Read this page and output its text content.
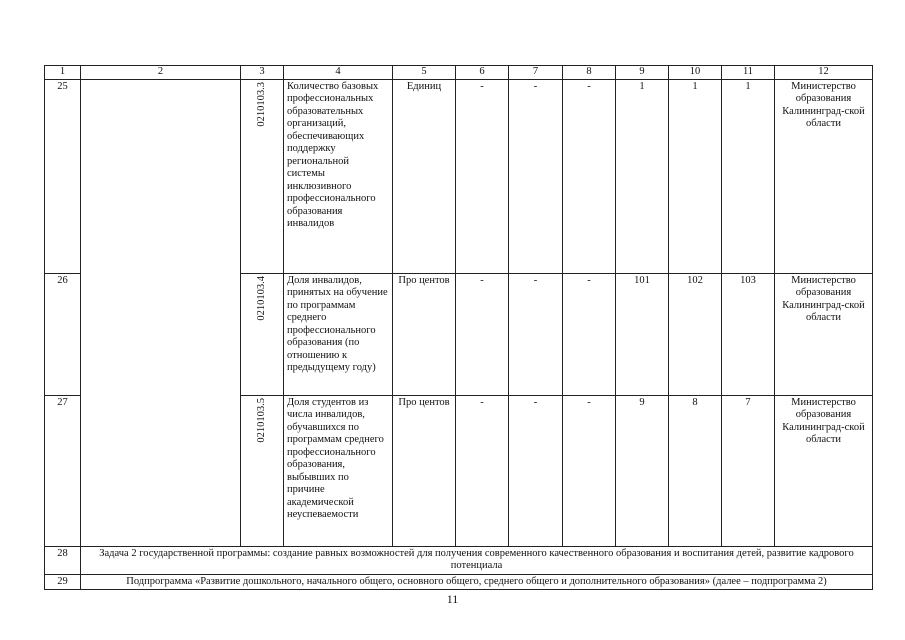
1	2	3	4	5	6	7	8	9	10	11	12
25		0210103.3	Количество базовых профессиональных образовательных организаций, обеспечивающих поддержку региональной системы инклюзивного профессионального образования инвалидов	Единиц	-	-	-	1	1	1	Министерство образования Калининград-ской области
26		0210103.4	Доля инвалидов, принятых на обучение по программам среднего профессионального образования (по отношению к предыдущему году)	Про центов	-	-	-	101	102	103	Министерство образования Калининград-ской области
27		0210103.5	Доля студентов из числа инвалидов, обучавшихся по программам среднего профессионального образования, выбывших по причине академической неуспеваемости	Про центов	-	-	-	9	8	7	Министерство образования Калининград-ской области
28	Задача 2 государственной программы: создание равных возможностей для получения современного качественного образования и воспитания детей, развитие кадрового потенциала										
29	Подпрограмма «Развитие дошкольного, начального общего, основного общего, среднего общего и дополнительного образования» (далее – подпрограмма 2)										
11
